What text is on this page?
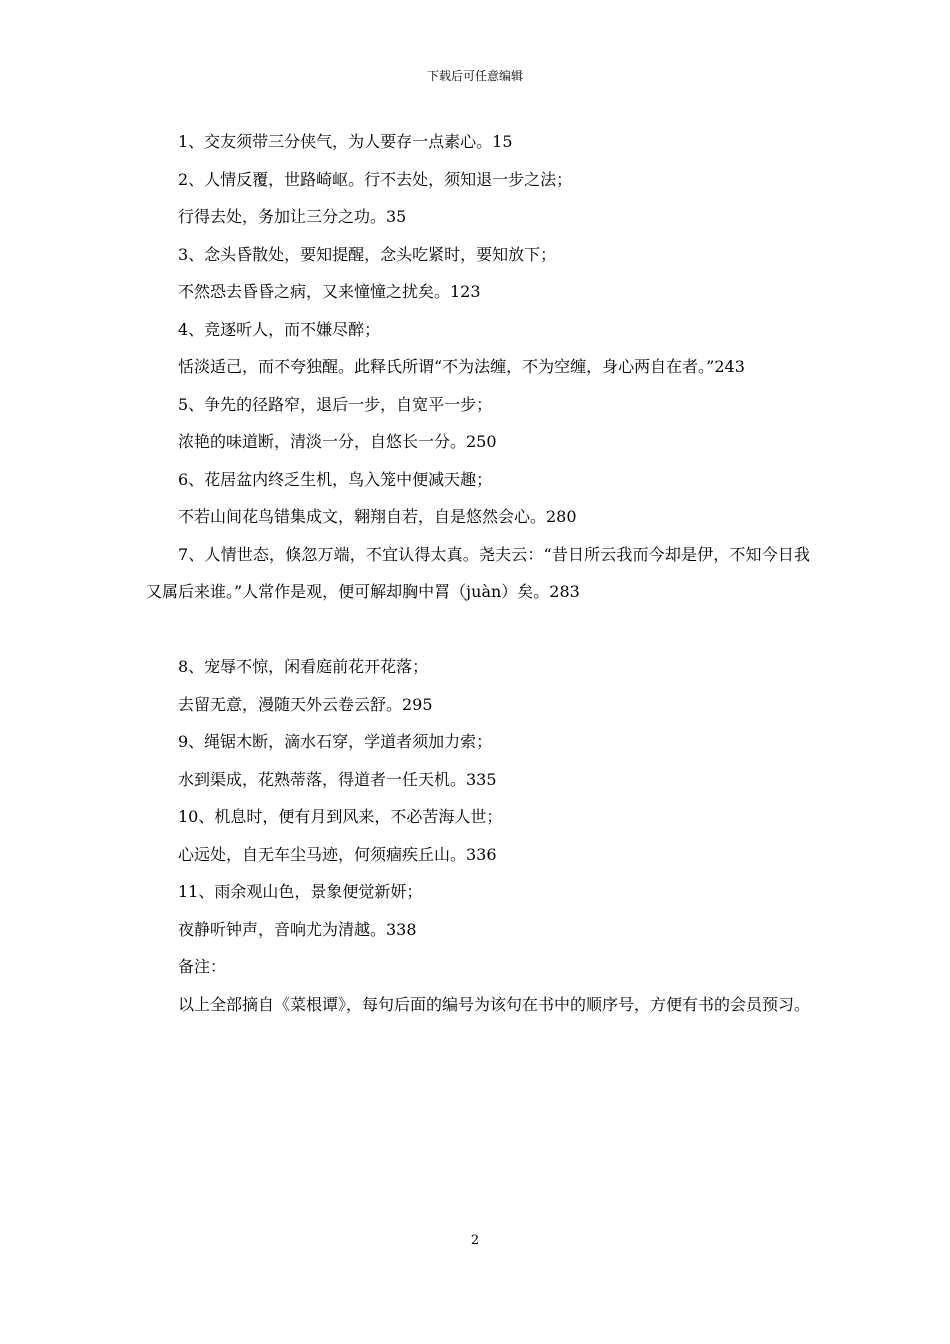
下载后可任意编辑

1、交友须带三分侠气，为人要存一点素心。15

2、人情反覆，世路崎岖。行不去处，须知退一步之法；

行得去处，务加让三分之功。35

3、念头昏散处，要知提醒，念头吃紧时，要知放下；

不然恐去昏昏之病，又来憧憧之扰矣。123

4、竞逐听人，而不嫌尽醉；

恬淡适己，而不夸独醒。此释氏所谓“不为法缠，不为空缠，身心两自在者。”243

5、争先的径路窄，退后一步，自宽平一步；

浓艳的味道断，清淡一分，自悠长一分。250

6、花居盆内终乏生机，鸟入笼中便减天趣；

不若山间花鸟错集成文，翱翔自若，自是悠然会心。280

7、人情世态，倏忽万端，不宜认得太真。尧夫云：“昔日所云我而今却是伊，不知今日我又属后来谁。”人常作是观，便可解却胸中罥（juàn）矣。283

8、宠辱不惊，闲看庭前花开花落；

去留无意，漫随天外云卷云舒。295

9、绳锯木断，滴水石穿，学道者须加力索；

水到渠成，花熟蒂落，得道者一任天机。335

10、机息时，便有月到风来，不必苦海人世；

心远处，自无车尘马迹，何须痼疾丘山。336

11、雨余观山色，景象便觉新妍；

夜静听钟声，音响尤为清越。338

备注：

以上全部摘自《菜根谭》，每句后面的编号为该句在书中的顺序号，方便有书的会员预习。

2
